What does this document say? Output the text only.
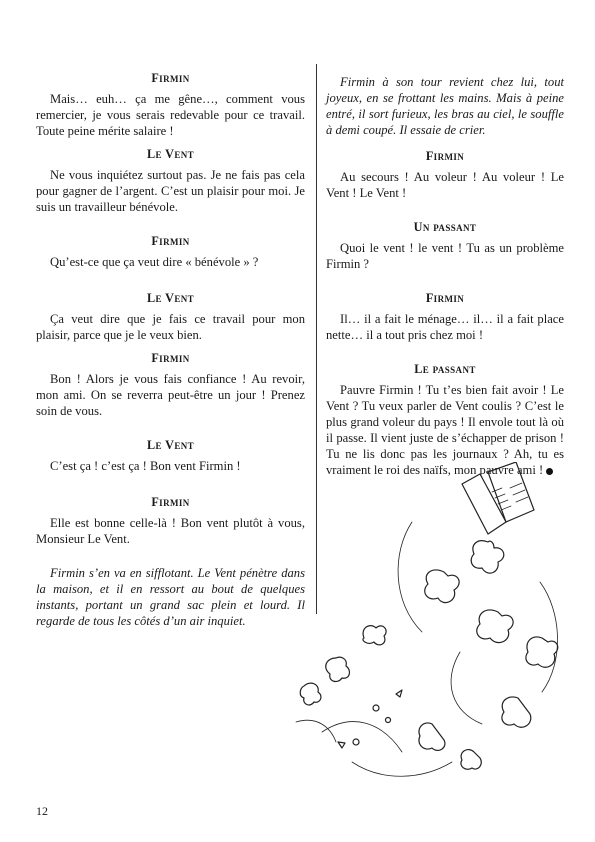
Firmin

Mais… euh… ça me gêne…, comment vous remercier, je vous serais redevable pour ce travail. Toute peine mérite salaire !

Le Vent

Ne vous inquiétez surtout pas. Je ne fais pas cela pour gagner de l’argent. C’est un plaisir pour moi. Je suis un travailleur bénévole.

Firmin

Qu’est-ce que ça veut dire « bénévole » ?

Le Vent

Ça veut dire que je fais ce travail pour mon plaisir, parce que je le veux bien.

Firmin

Bon ! Alors je vous fais confiance ! Au revoir, mon ami. On se reverra peut-être un jour ! Prenez soin de vous.

Le Vent

C’est ça ! c’est ça ! Bon vent Firmin !

Firmin

Elle est bonne celle-là ! Bon vent plutôt à vous, Monsieur Le Vent.

Firmin s’en va en sifflotant. Le Vent pénètre dans la maison, et il en ressort au bout de quelques instants, portant un grand sac plein et lourd. Il regarde de tous les côtés d’un air inquiet.

Firmin à son tour revient chez lui, tout joyeux, en se frottant les mains. Mais à peine entré, il sort furieux, les bras au ciel, le souffle à demi coupé. Il essaie de crier.

Firmin

Au secours ! Au voleur ! Au voleur ! Le Vent ! Le Vent !

Un passant

Quoi le vent ! le vent ! Tu as un problème Firmin ?

Firmin

Il… il a fait le ménage… il… il a fait place nette… il a tout pris chez moi !

Le passant

Pauvre Firmin ! Tu t’es bien fait avoir ! Le Vent ? Tu veux parler de Vent coulis ? C’est le plus grand voleur du pays ! Il envole tout là où il passe. Il vient juste de s’échapper de prison ! Tu ne lis donc pas les journaux ? Ah, tu es vraiment le roi des naïfs, mon pauvre ami !

12
